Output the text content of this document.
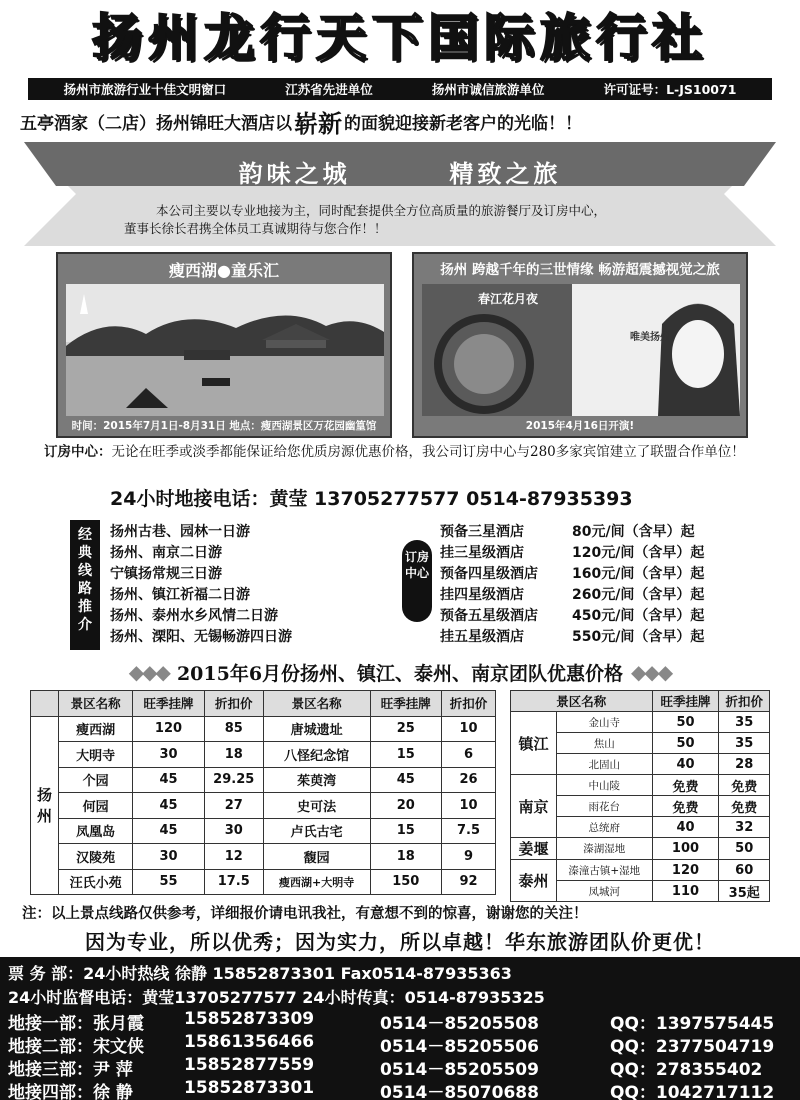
扬州龙行天下国际旅行社
扬州市旅游行业十佳文明窗口	江苏省先进单位	扬州市诚信旅游单位	许可证号：L-JS10071
五亭酒家（二店）扬州锦旺大酒店以 崭新 的面貌迎接新老客户的光临！！
韵味之城        精致之旅
本公司主要以专业地接为主，同时配套提供全方位高质量的旅游餐厅及订房中心，
董事长徐长君携全体员工真诚期待与您合作！！
瘦西湖●童乐汇
时间：2015年7月1日-8月31日 地点：瘦西湖景区万花园幽篁馆
扬州 跨越千年的三世情缘 畅游超震撼视觉之旅
春江花月夜
唯美扬州
2015年4月16日开演!
订房中心：无论在旺季或淡季都能保证给您优质房源优惠价格，我公司订房中心与280多家宾馆建立了联盟合作单位！
24小时地接电话：黄莹 13705277577 0514-87935393
经典线路推介
扬州古巷、园林一日游
扬州、南京二日游
宁镇扬常规三日游
扬州、镇江祈福二日游
扬州、泰州水乡风情二日游
扬州、溧阳、无锡畅游四日游
订房中心
预备三星酒店	80元/间（含早）起
挂三星级酒店	120元/间（含早）起
预备四星级酒店	160元/间（含早）起
挂四星级酒店	260元/间（含早）起
预备五星级酒店	450元/间（含早）起
挂五星级酒店	550元/间（含早）起
◆◆◆ 2015年6月份扬州、镇江、泰州、南京团队优惠价格 ◆◆◆
	景区名称	旺季挂牌	折扣价	景区名称	旺季挂牌	折扣价
扬州	瘦西湖	120	85	唐城遗址	25	10
	大明寺	30	18	八怪纪念馆	15	6
	个园	45	29.25	茱萸湾	45	26
	何园	45	27	史可法	20	10
	凤凰岛	45	30	卢氏古宅	15	7.5
	汉陵苑	30	12	馥园	18	9
	汪氏小苑	55	17.5	瘦西湖+大明寺	150	92
景区名称		旺季挂牌	折扣价
镇江	金山寺	50	35
	焦山	50	35
	北固山	40	28
南京	中山陵	免费	免费
	雨花台	免费	免费
	总统府	40	32
姜堰	溱湖湿地	100	50
泰州	溱潼古镇+湿地	120	60
	凤城河	110	35起
注：以上景点线路仅供参考，详细报价请电讯我社，有意想不到的惊喜，谢谢您的关注！
因为专业，所以优秀；因为实力，所以卓越！华东旅游团队价更优！
票 务 部：24小时热线 徐静 15852873301 Fax0514-87935363
24小时监督电话：黄莹13705277577 24小时传真：0514-87935325
地接一部：张月霞 15852873309	0514－85205508	QQ：1397575445
地接二部：宋文侠 15861356466	0514－85205506	QQ：2377504719
地接三部：尹 萍	15852877559	0514－85205509	QQ：278355402
地接四部：徐 静	15852873301	0514－85070688	QQ：1042717112
